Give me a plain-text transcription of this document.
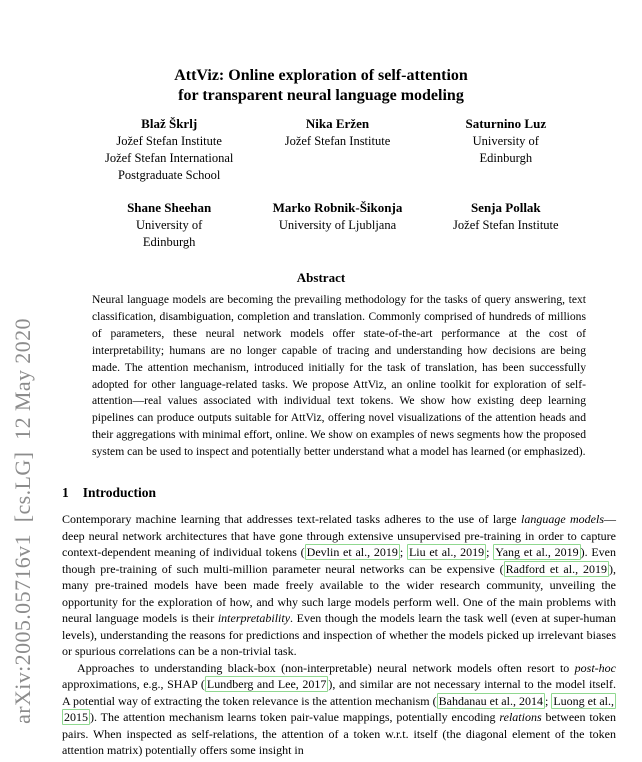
arXiv:2005.05716v1  [cs.LG]  12 May 2020
AttViz: Online exploration of self-attention
for transparent neural language modeling
Blaž Škrlj
Jožef Stefan Institute
Jožef Stefan International
Postgraduate School
Nika Eržen
Jožef Stefan Institute
Saturnino Luz
University of
Edinburgh
Shane Sheehan
University of
Edinburgh
Marko Robnik-Šikonja
University of Ljubljana
Senja Pollak
Jožef Stefan Institute
Abstract

Neural language models are becoming the prevailing methodology for the tasks of query answering, text classification, disambiguation, completion and translation. Commonly comprised of hundreds of millions of parameters, these neural network models offer state-of-the-art performance at the cost of interpretability; humans are no longer capable of tracing and understanding how decisions are being made. The attention mechanism, introduced initially for the task of translation, has been successfully adopted for other language-related tasks. We propose AttViz, an online toolkit for exploration of self-attention—real values associated with individual text tokens. We show how existing deep learning pipelines can produce outputs suitable for AttViz, offering novel visualizations of the attention heads and their aggregations with minimal effort, online. We show on examples of news segments how the proposed system can be used to inspect and potentially better understand what a model has learned (or emphasized).

1 Introduction

Contemporary machine learning that addresses text-related tasks adheres to the use of large language models—deep neural network architectures that have gone through extensive unsupervised pre-training in order to capture context-dependent meaning of individual tokens ( Devlin et al., 2019 ; Liu et al., 2019 ; Yang et al., 2019 ). Even though pre-training of such multi-million parameter neural networks can be expensive ( Radford et al., 2019 ), many pre-trained models have been made freely available to the wider research community, unveiling the opportunity for the exploration of how, and why such large models perform well. One of the main problems with neural language models is their interpretability. Even though the models learn the task well (even at super-human levels), understanding the reasons for predictions and inspection of whether the models picked up irrelevant biases or spurious correlations can be a non-trivial task.

Approaches to understanding black-box (non-interpretable) neural network models often resort to post-hoc approximations, e.g., SHAP ( Lundberg and Lee, 2017 ), and similar are not necessary internal to the model itself. A potential way of extracting the token relevance is the attention mechanism ( Bahdanau et al., 2014 ; Luong et al., 2015 ). The attention mechanism learns token pair-value mappings, potentially encoding relations between token pairs. When inspected as self-relations, the attention of a token w.r.t. itself (the diagonal element of the token attention matrix) potentially offers some insight in
